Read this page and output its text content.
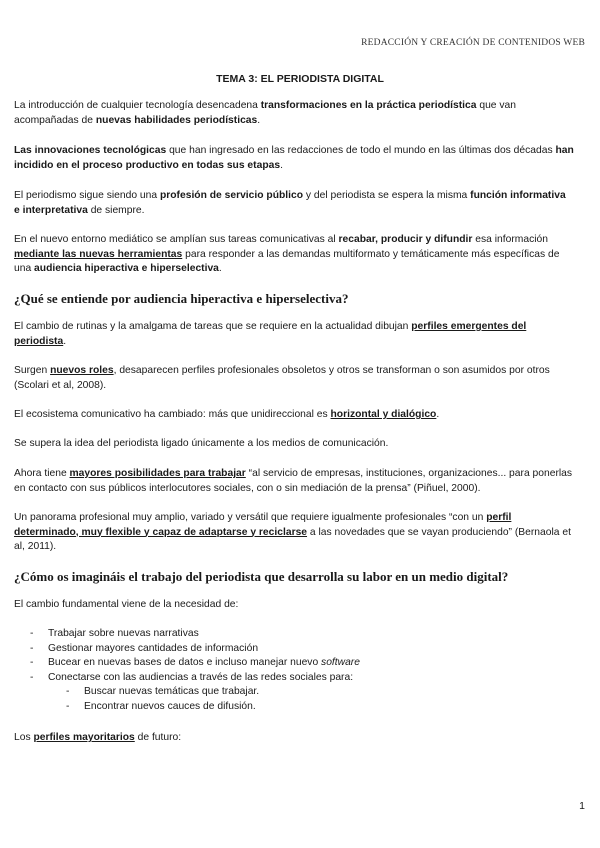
REDACCIÓN Y CREACIÓN DE CONTENIDOS WEB
TEMA 3: EL PERIODISTA DIGITAL

La introducción de cualquier tecnología desencadena transformaciones en la práctica periodística que van acompañadas de nuevas habilidades periodísticas.

Las innovaciones tecnológicas que han ingresado en las redacciones de todo el mundo en las últimas dos décadas han incidido en el proceso productivo en todas sus etapas.

El periodismo sigue siendo una profesión de servicio público y del periodista se espera la misma función informativa e interpretativa de siempre.

En el nuevo entorno mediático se amplían sus tareas comunicativas al recabar, producir y difundir esa información mediante las nuevas herramientas para responder a las demandas multiformato y temáticamente más específicas de una audiencia hiperactiva e hiperselectiva.

¿Qué se entiende por audiencia hiperactiva e hiperselectiva?

El cambio de rutinas y la amalgama de tareas que se requiere en la actualidad dibujan perfiles emergentes del periodista.

Surgen nuevos roles, desaparecen perfiles profesionales obsoletos y otros se transforman o son asumidos por otros (Scolari et al, 2008).

El ecosistema comunicativo ha cambiado: más que unidireccional es horizontal y dialógico.

Se supera la idea del periodista ligado únicamente a los medios de comunicación.

Ahora tiene mayores posibilidades para trabajar “al servicio de empresas, instituciones, organizaciones... para ponerlas en contacto con sus públicos interlocutores sociales, con o sin mediación de la prensa” (Piñuel, 2000).

Un panorama profesional muy amplio, variado y versátil que requiere igualmente profesionales “con un perfil determinado, muy flexible y capaz de adaptarse y reciclarse a las novedades que se vayan produciendo” (Bernaola et al, 2011).

¿Cómo os imagináis el trabajo del periodista que desarrolla su labor en un medio digital?

El cambio fundamental viene de la necesidad de:

- Trabajar sobre nuevas narrativas
- Gestionar mayores cantidades de información
- Bucear en nuevas bases de datos e incluso manejar nuevo software
- Conectarse con las audiencias a través de las redes sociales para:
- Buscar nuevas temáticas que trabajar.
- Encontrar nuevos cauces de difusión.

Los perfiles mayoritarios de futuro:

1
